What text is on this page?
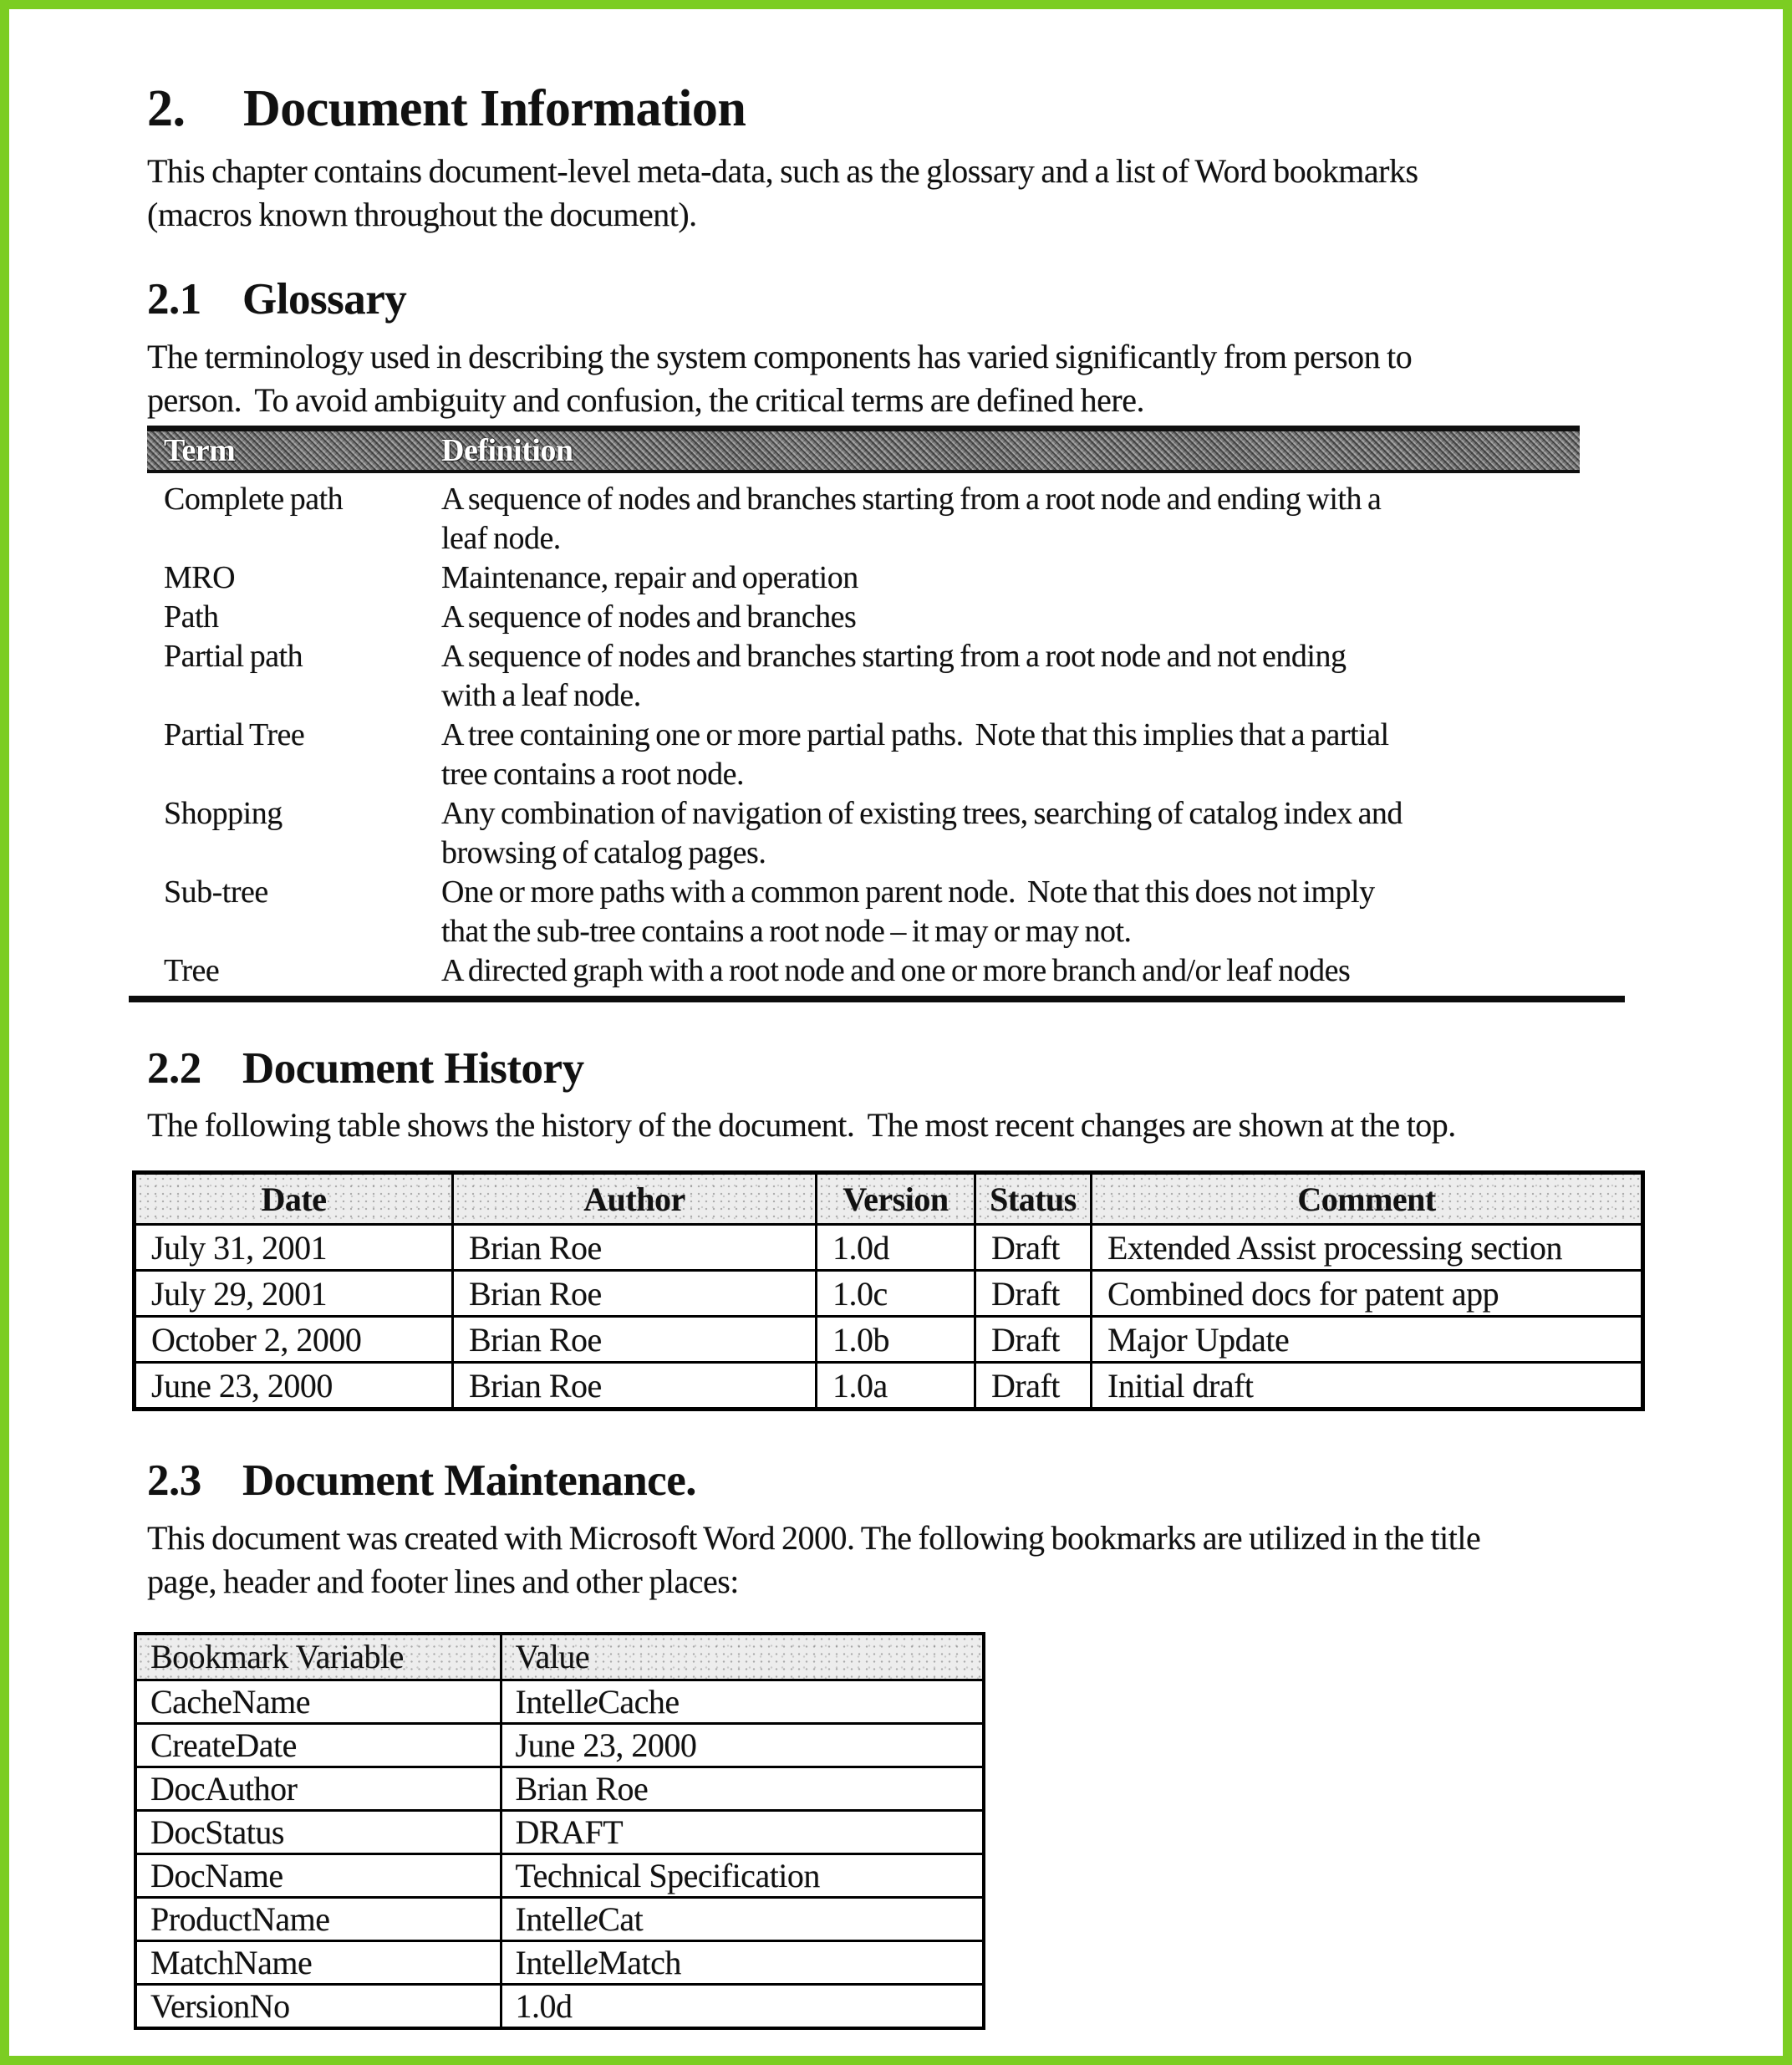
2. Document Information
This chapter contains document-level meta-data, such as the glossary and a list of Word bookmarks
(macros known throughout the document).
2.1 Glossary
The terminology used in describing the system components has varied significantly from person to
person.  To avoid ambiguity and confusion, the critical terms are defined here.
Term	Definition
Complete path	A sequence of nodes and branches starting from a root node and ending with a
leaf node.
MRO	Maintenance, repair and operation
Path	A sequence of nodes and branches
Partial path	A sequence of nodes and branches starting from a root node and not ending
with a leaf node.
Partial Tree	A tree containing one or more partial paths.  Note that this implies that a partial
tree contains a root node.
Shopping	Any combination of navigation of existing trees, searching of catalog index and
browsing of catalog pages.
Sub-tree	One or more paths with a common parent node.  Note that this does not imply
that the sub-tree contains a root node – it may or may not.
Tree	A directed graph with a root node and one or more branch and/or leaf nodes
2.2 Document History
The following table shows the history of the document.  The most recent changes are shown at the top.
Date	Author	Version	Status	Comment
July 31, 2001	Brian Roe	1.0d	Draft	Extended Assist processing section
July 29, 2001	Brian Roe	1.0c	Draft	Combined docs for patent app
October 2, 2000	Brian Roe	1.0b	Draft	Major Update
June 23, 2000	Brian Roe	1.0a	Draft	Initial draft
2.3 Document Maintenance.
This document was created with Microsoft Word 2000. The following bookmarks are utilized in the title
page, header and footer lines and other places:
Bookmark Variable	Value
CacheName	IntelleCache
CreateDate	June 23, 2000
DocAuthor	Brian Roe
DocStatus	DRAFT
DocName	Technical Specification
ProductName	IntelleCat
MatchName	IntelleMatch
VersionNo	1.0d
